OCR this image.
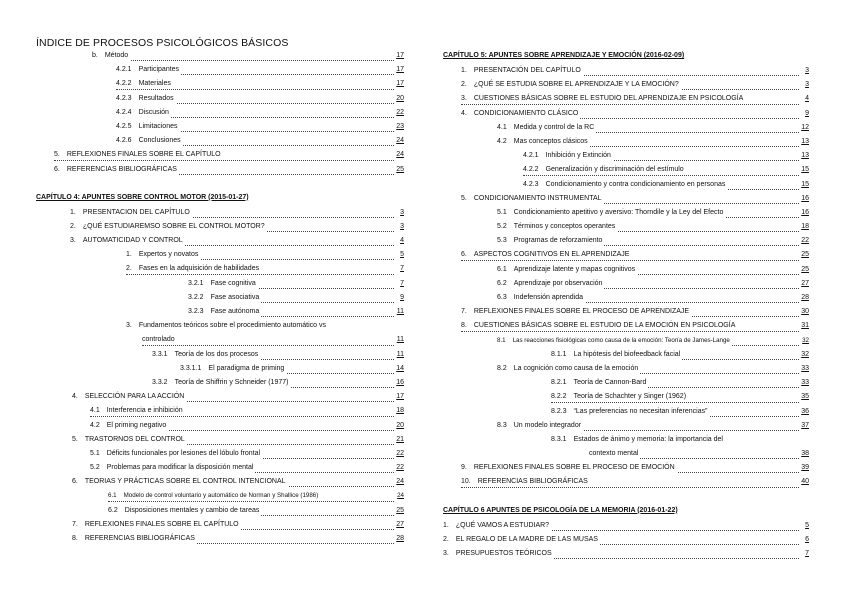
ÍNDICE DE PROCESOS PSICOLÓGICOS BÁSICOS
b. Método	17
4.2.1 Participantes	17
4.2.2 Materiales	17
4.2.3 Resultados	20
4.2.4 Discusión	22
4.2.5 Limitaciones	23
4.2.6 Conclusiones	24
5. REFLEXIONES FINALES SOBRE EL CAPÍTULO	24
6. REFERENCIAS BIBLIOGRÁFICAS	25
CAPÍTULO 4: APUNTES SOBRE CONTROL MOTOR (2015-01-27)
1. PRESENTACION DEL CAPÍTULO	3
2. ¿QUÉ ESTUDIAREMSO SOBRE EL CONTROL MOTOR?	3
3. AUTOMATICIDAD Y CONTROL	4
1. Expertos y novatos	5
2. Fases en la adquisición de habilidades	7
3.2.1 Fase cognitiva	7
3.2.2 Fase asociativa	9
3.2.3 Fase autónoma	11
3. Fundamentos teóricos sobre el procedimiento automático vs
controlado	11
3.3.1 Teoría de los dos procesos	11
3.3.1.1 El paradigma de priming	14
3.3.2 Teoría de Shiffrin y Schneider (1977)	16
4. SELECCIÓN PARA LA ACCIÓN	17
4.1 Interferencia e inhibición	18
4.2 El priming negativo	20
5. TRASTORNOS DEL CONTROL	21
5.1 Déficits funcionales por lesiones del lóbulo frontal	22
5.2 Problemas para modificar la disposición mental	22
6. TEORIAS Y PRÁCTICAS SOBRE EL CONTROL INTENCIONAL	24
6.1 Modelo de control voluntario y automático de Norman y Shallice (1986)	24
6.2 Disposiciones mentales y cambio de tareas	25
7. REFLEXIONES FINALES SOBRE EL CAPÍTULO	27
8. REFERENCIAS BIBLIOGRÁFICAS	28
CAPÍTULO 5: APUNTES SOBRE APRENDIZAJE Y EMOCIÓN (2016-02-09)
1. PRESENTACIÓN DEL CAPÍTULO	3
2. ¿QUÉ SE ESTUDIA SOBRE EL APRENDIZAJE Y LA EMOCIÓN?	3
3. CUESTIONES BÁSICAS SOBRE EL ESTUDIO DEL APRENDIZAJE EN PSICOLOGÍA	4
4. CONDICIONAMIENTO CLÁSICO	9
4.1 Medida y control de la RC	12
4.2 Mas conceptos clásicos	13
4.2.1 Inhibición y Extinción	13
4.2.2 Generalización y discriminación del estímulo	15
4.2.3 Condicionamiento y contra condicionamiento en personas	15
5. CONDICIONAMIENTO INSTRUMENTAL	16
5.1 Condicionamiento apetitivo y aversivo: Thorndile y la Ley del Efecto	16
5.2 Términos y conceptos operantes	18
5.3 Programas de reforzamiento	22
6. ASPECTOS COGNITIVOS EN EL APRENDIZAJE	25
6.1 Aprendizaje latente y mapas cognitivos	25
6.2 Aprendizaje por observación	27
6.3 Indefensión aprendida	28
7. REFLEXIONES FINALES SOBRE EL PROCESO DE APRENDIZAJE	30
8. CUESTIONES BÁSICAS SOBRE EL ESTUDIO DE LA EMOCIÓN EN PSICOLOGÍA	31
8.1 Las reacciones fisiológicas como causa de la emoción: Teoría de James-Lange	32
8.1.1 La hipótesis del biofeedback facial	32
8.2 La cognición como causa de la emoción	33
8.2.1 Teoría de Cannon-Bard	33
8.2.2 Teoría de Schachter y Singer (1962)	35
8.2.3 “Las preferencias no necesitan inferencias”	36
8.3 Un modelo integrador	37
8.3.1 Estados de ánimo y memoria: la importancia del
contexto mental	38
9. REFLEXIONES FINALES SOBRE EL PROCESO DE EMOCIÓN	39
10. REFERENCIAS BIBLIOGRÁFICAS	40
CAPÍTULO 6 APUNTES DE PSICOLOGÍA DE LA MEMORIA (2016-01-22)
1. ¿QUÉ VAMOS A ESTUDIAR?	5
2. EL REGALO DE LA MADRE DE LAS MUSAS	6
3. PRESUPUESTOS TEÓRICOS	7
